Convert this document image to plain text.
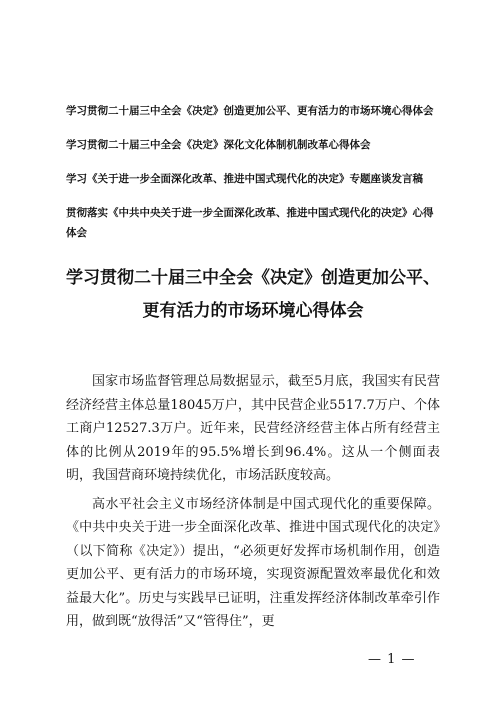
学习贯彻二十届三中全会《决定》创造更加公平、更有活力的市场环境心得体会
学习贯彻二十届三中全会《决定》深化文化体制机制改革心得体会
学习《关于进一步全面深化改革、推进中国式现代化的决定》专题座谈发言稿
贯彻落实《中共中央关于进一步全面深化改革、推进中国式现代化的决定》心得体会
学习贯彻二十届三中全会《决定》创造更加公平、更有活力的市场环境心得体会

国家市场监督管理总局数据显示，截至5月底，我国实有民营经济经营主体总量18045万户，其中民营企业5517.7万户、个体工商户12527.3万户。近年来，民营经济经营主体占所有经营主体的比例从2019年的95.5%增长到96.4%。这从一个侧面表明，我国营商环境持续优化，市场活跃度较高。

高水平社会主义市场经济体制是中国式现代化的重要保障。《中共中央关于进一步全面深化改革、推进中国式现代化的决定》（以下简称《决定》）提出，“必须更好发挥市场机制作用，创造更加公平、更有活力的市场环境，实现资源配置效率最优化和效益最大化”。历史与实践早已证明，注重发挥经济体制改革牵引作用，做到既“放得活”又“管得住”，更

— 1 —
